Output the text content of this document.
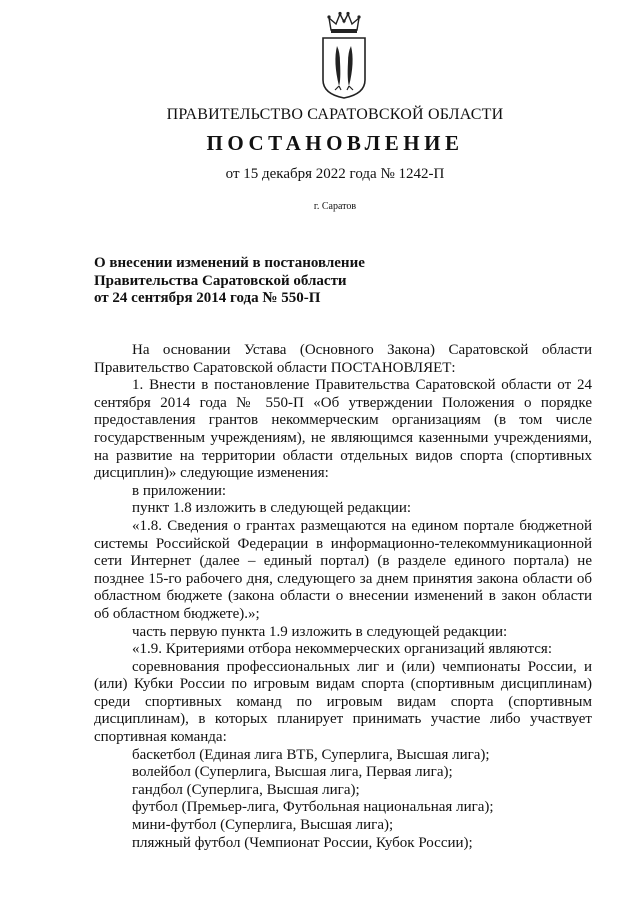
ПРАВИТЕЛЬСТВО САРАТОВСКОЙ ОБЛАСТИ
ПОСТАНОВЛЕНИЕ
от 15 декабря 2022 года № 1242-П
г. Саратов
О внесении изменений в постановление
Правительства Саратовской области
от 24 сентября 2014 года № 550-П

На основании Устава (Основного Закона) Саратовской области Правительство Саратовской области ПОСТАНОВЛЯЕТ:

1. Внести в постановление Правительства Саратовской области от 24 сентября 2014 года № 550-П «Об утверждении Положения о порядке предоставления грантов некоммерческим организациям (в том числе государственным учреждениям), не являющимся казенными учреждениями, на развитие на территории области отдельных видов спорта (спортивных дисциплин)» следующие изменения:

в приложении:

пункт 1.8 изложить в следующей редакции:

«1.8. Сведения о грантах размещаются на едином портале бюджетной системы Российской Федерации в информационно-телекоммуникационной сети Интернет (далее – единый портал) (в разделе единого портала) не позднее 15-го рабочего дня, следующего за днем принятия закона области об областном бюджете (закона области о внесении изменений в закон области об областном бюджете).»;

часть первую пункта 1.9 изложить в следующей редакции:

«1.9. Критериями отбора некоммерческих организаций являются:

соревнования профессиональных лиг и (или) чемпионаты России, и (или) Кубки России по игровым видам спорта (спортивным дисциплинам) среди спортивных команд по игровым видам спорта (спортивным дисциплинам), в которых планирует принимать участие либо участвует спортивная команда:

баскетбол (Единая лига ВТБ, Суперлига, Высшая лига);

волейбол (Суперлига, Высшая лига, Первая лига);

гандбол (Суперлига, Высшая лига);

футбол (Премьер-лига, Футбольная национальная лига);

мини-футбол (Суперлига, Высшая лига);

пляжный футбол (Чемпионат России, Кубок России);
